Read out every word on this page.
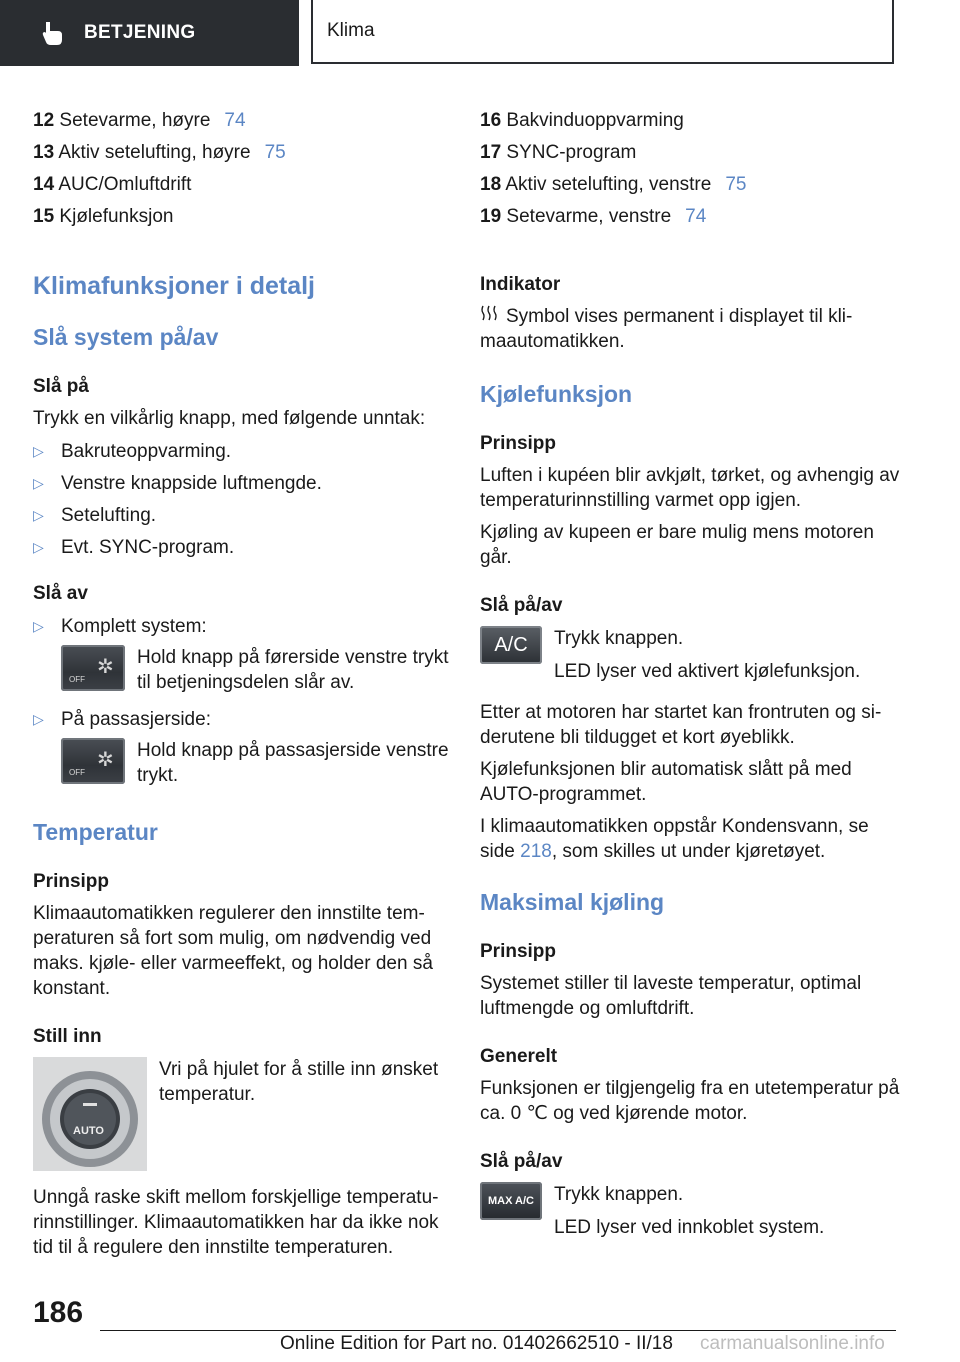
BETJENING	Klima
12 Setevarme, høyre 74
13 Aktiv setelufting, høyre 75
14 AUC/Omluftdrift
15 Kjølefunksjon
Klimafunksjoner i detalj
Slå system på/av
Slå på

Trykk en vilkårlig knapp, med følgende unntak:

▷ Bakruteoppvarming.
▷ Venstre knappside luftmengde.
▷ Setelufting.
▷ Evt. SYNC-program.
Slå av
▷ Komplett system:
OFF
✲ Hold knapp på førerside venstre trykt til betjeningsdelen slår av.
▷ På passasjerside:
OFF
✲ Hold knapp på passasjerside venstre trykt.
Temperatur
Prinsipp

Klimaautomatikken regulerer den innstilte tem-peraturen så fort som mulig, om nødvendig ved maks. kjøle- eller varmeeffekt, og holder den så konstant.

Still inn
AUTO
Vri på hjulet for å stille inn ønsket temperatur.

Unngå raske skift mellom forskjellige temperatu-rinnstillinger. Klimaautomatikken har da ikke nok tid til å regulere den innstilte temperaturen.

16 Bakvinduoppvarming
17 SYNC-program
18 Aktiv setelufting, venstre 75
19 Setevarme, venstre 74
Indikator

Symbol vises permanent i displayet til kli-maautomatikken.

Kjølefunksjon
Prinsipp

Luften i kupéen blir avkjølt, tørket, og avhengig av temperaturinnstilling varmet opp igjen.

Kjøling av kupeen er bare mulig mens motoren går.

Slå på/av
A/C	Trykk knappen.
LED lyser ved aktivert kjølefunksjon.

Etter at motoren har startet kan frontruten og si-derutene bli tildugget et kort øyeblikk.

Kjølefunksjonen blir automatisk slått på med AUTO-programmet.

I klimaautomatikken oppstår Kondensvann, se side 218, som skilles ut under kjøretøyet.

Maksimal kjøling
Prinsipp

Systemet stiller til laveste temperatur, optimal luftmengde og omluftdrift.

Generelt

Funksjonen er tilgjengelig fra en utetemperatur på ca. 0 ℃ og ved kjørende motor.

Slå på/av
MAX A/C	Trykk knappen.
LED lyser ved innkoblet system.
186
Online Edition for Part no. 01402662510 - II/18 carmanualsonline.info
